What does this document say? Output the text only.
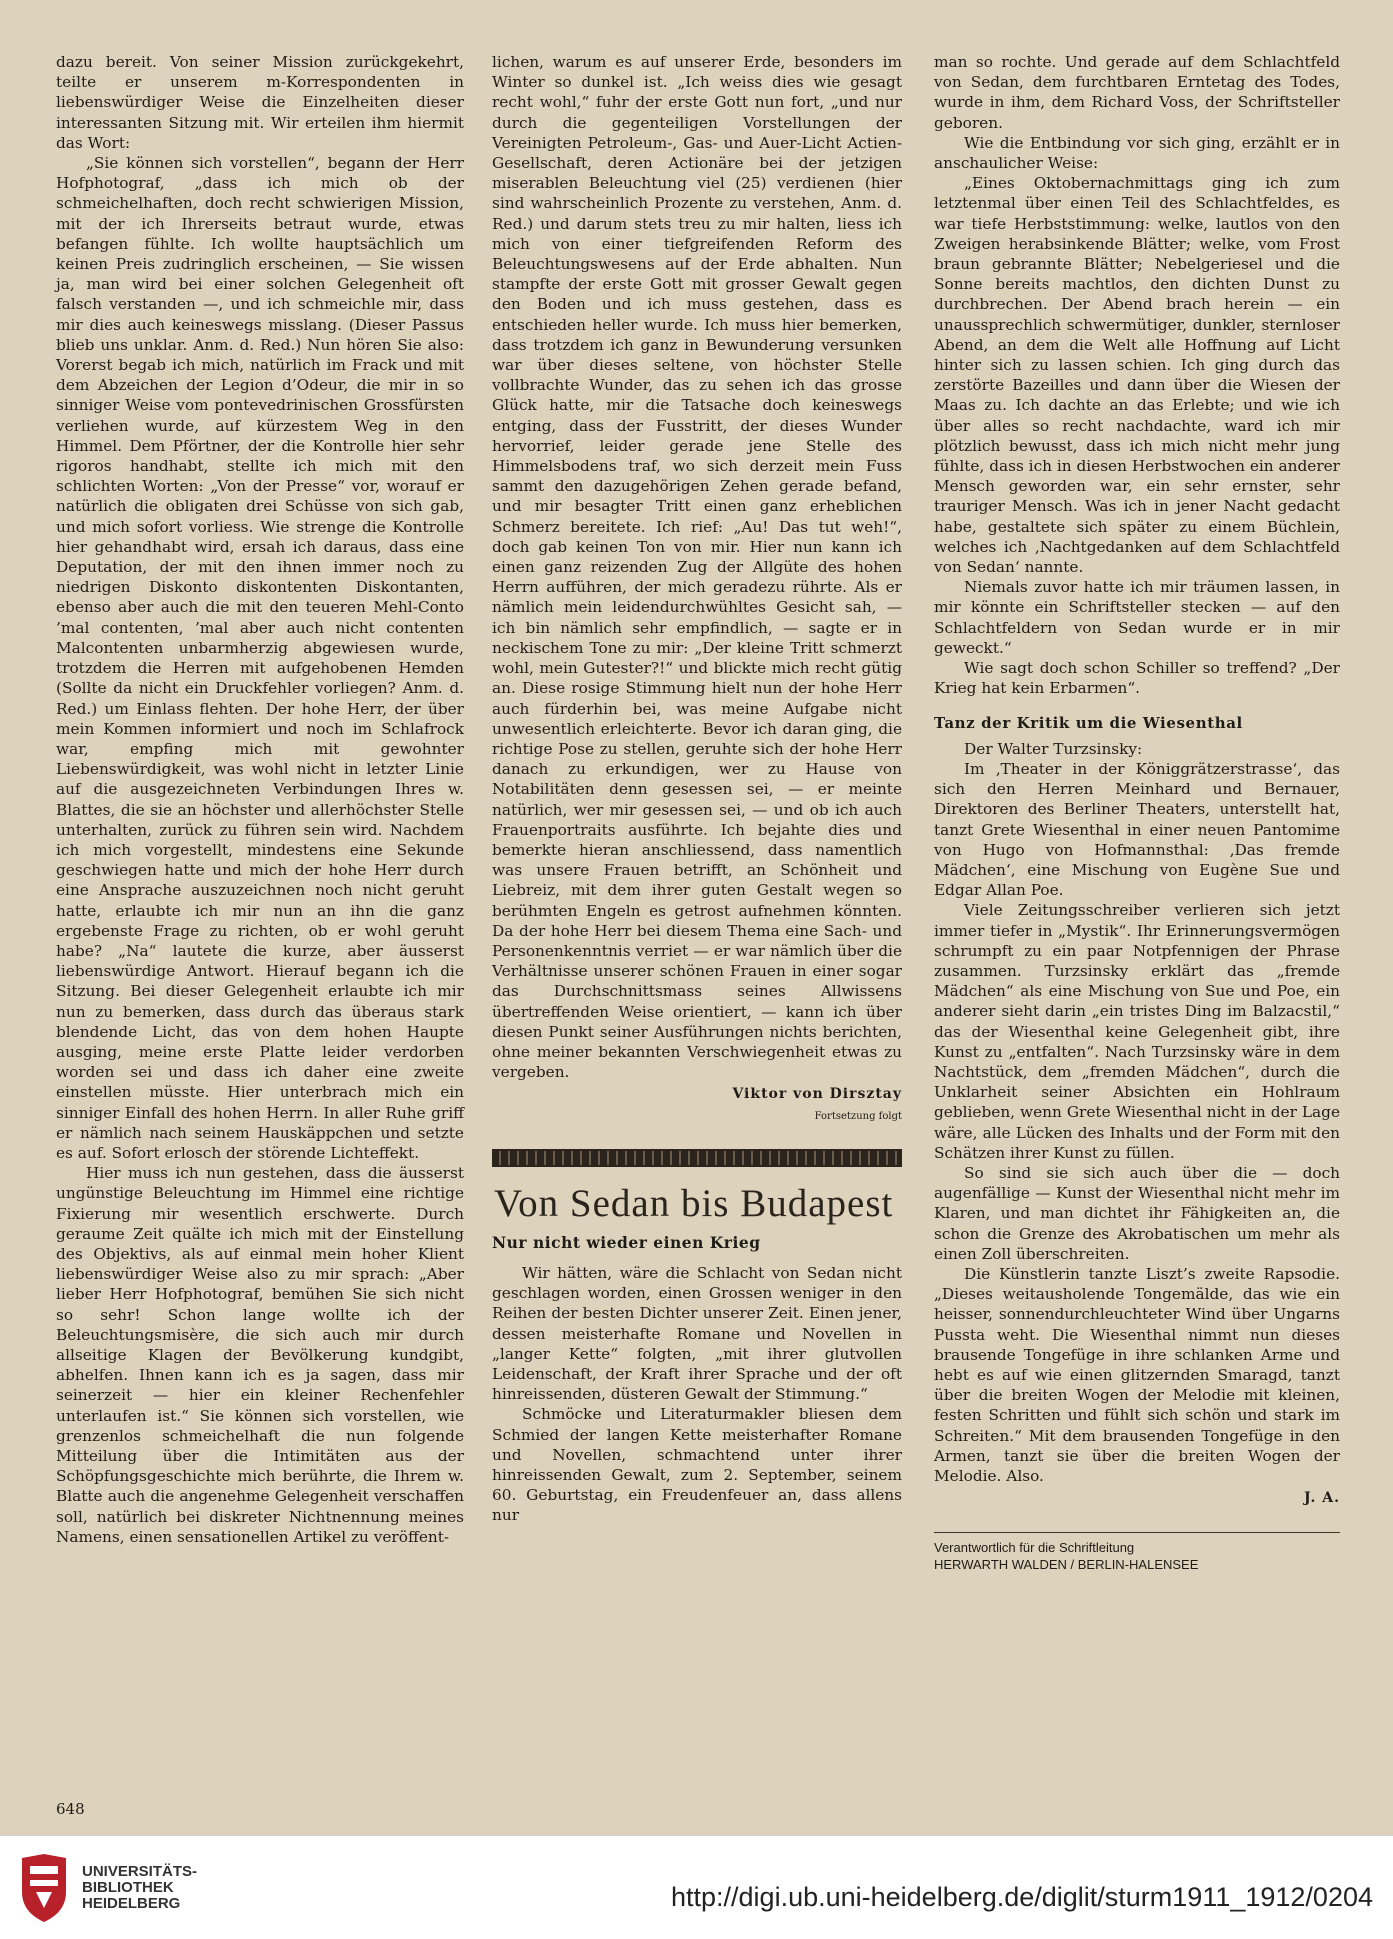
dazu bereit. Von seiner Mission zurückgekehrt, teilte er unserem m-Korrespondenten in liebenswürdiger Weise die Einzelheiten dieser interessanten Sitzung mit. Wir erteilen ihm hiermit das Wort:

„Sie können sich vorstellen“, begann der Herr Hofphotograf, „dass ich mich ob der schmeichelhaften, doch recht schwierigen Mission, mit der ich Ihrerseits betraut wurde, etwas befangen fühlte. Ich wollte hauptsächlich um keinen Preis zudringlich erscheinen, — Sie wissen ja, man wird bei einer solchen Gelegenheit oft falsch verstanden —, und ich schmeichle mir, dass mir dies auch keineswegs misslang. (Dieser Passus blieb uns unklar. Anm. d. Red.) Nun hören Sie also: Vorerst begab ich mich, natürlich im Frack und mit dem Abzeichen der Legion d’Odeur, die mir in so sinniger Weise vom pontevedrinischen Grossfürsten verliehen wurde, auf kürzestem Weg in den Himmel. Dem Pförtner, der die Kontrolle hier sehr rigoros handhabt, stellte ich mich mit den schlichten Worten: „Von der Presse“ vor, worauf er natürlich die obligaten drei Schüsse von sich gab, und mich sofort vorliess. Wie strenge die Kontrolle hier gehandhabt wird, ersah ich daraus, dass eine Deputation, der mit den ihnen immer noch zu niedrigen Diskonto diskontenten Diskontanten, ebenso aber auch die mit den teueren Mehl-Conto ’mal contenten, ’mal aber auch nicht contenten Malcontenten unbarmherzig abgewiesen wurde, trotzdem die Herren mit aufgehobenen Hemden (Sollte da nicht ein Druckfehler vorliegen? Anm. d. Red.) um Einlass flehten. Der hohe Herr, der über mein Kommen informiert und noch im Schlafrock war, empfing mich mit gewohnter Liebenswürdigkeit, was wohl nicht in letzter Linie auf die ausgezeichneten Verbindungen Ihres w. Blattes, die sie an höchster und allerhöchster Stelle unterhalten, zurück zu führen sein wird. Nachdem ich mich vorgestellt, mindestens eine Sekunde geschwiegen hatte und mich der hohe Herr durch eine Ansprache auszuzeichnen noch nicht geruht hatte, erlaubte ich mir nun an ihn die ganz ergebenste Frage zu richten, ob er wohl geruht habe? „Na“ lautete die kurze, aber äusserst liebenswürdige Antwort. Hierauf begann ich die Sitzung. Bei dieser Gelegenheit erlaubte ich mir nun zu bemerken, dass durch das überaus stark blendende Licht, das von dem hohen Haupte ausging, meine erste Platte leider verdorben worden sei und dass ich daher eine zweite einstellen müsste. Hier unterbrach mich ein sinniger Einfall des hohen Herrn. In aller Ruhe griff er nämlich nach seinem Hauskäppchen und setzte es auf. Sofort erlosch der störende Lichteffekt.

Hier muss ich nun gestehen, dass die äusserst ungünstige Beleuchtung im Himmel eine richtige Fixierung mir wesentlich erschwerte. Durch geraume Zeit quälte ich mich mit der Einstellung des Objektivs, als auf einmal mein hoher Klient liebenswürdiger Weise also zu mir sprach: „Aber lieber Herr Hofphotograf, bemühen Sie sich nicht so sehr! Schon lange wollte ich der Beleuchtungsmisère, die sich auch mir durch allseitige Klagen der Bevölkerung kundgibt, abhelfen. Ihnen kann ich es ja sagen, dass mir seinerzeit — hier ein kleiner Rechenfehler unterlaufen ist.“ Sie können sich vorstellen, wie grenzenlos schmeichelhaft die nun folgende Mitteilung über die Intimitäten aus der Schöpfungsgeschichte mich berührte, die Ihrem w. Blatte auch die angenehme Gelegenheit verschaffen soll, natürlich bei diskreter Nichtnennung meines Namens, einen sensationellen Artikel zu veröffent-

lichen, warum es auf unserer Erde, besonders im Winter so dunkel ist. „Ich weiss dies wie gesagt recht wohl,“ fuhr der erste Gott nun fort, „und nur durch die gegenteiligen Vorstellungen der Vereinigten Petroleum-, Gas- und Auer-Licht Actien-Gesellschaft, deren Actionäre bei der jetzigen miserablen Beleuchtung viel (25) verdienen (hier sind wahrscheinlich Prozente zu verstehen, Anm. d. Red.) und darum stets treu zu mir halten, liess ich mich von einer tiefgreifenden Reform des Beleuchtungswesens auf der Erde abhalten. Nun stampfte der erste Gott mit grosser Gewalt gegen den Boden und ich muss gestehen, dass es entschieden heller wurde. Ich muss hier bemerken, dass trotzdem ich ganz in Bewunderung versunken war über dieses seltene, von höchster Stelle vollbrachte Wunder, das zu sehen ich das grosse Glück hatte, mir die Tatsache doch keineswegs entging, dass der Fusstritt, der dieses Wunder hervorrief, leider gerade jene Stelle des Himmelsbodens traf, wo sich derzeit mein Fuss sammt den dazugehörigen Zehen gerade befand, und mir besagter Tritt einen ganz erheblichen Schmerz bereitete. Ich rief: „Au! Das tut weh!“, doch gab keinen Ton von mir. Hier nun kann ich einen ganz reizenden Zug der Allgüte des hohen Herrn aufführen, der mich geradezu rührte. Als er nämlich mein leidendurchwühltes Gesicht sah, — ich bin nämlich sehr empfindlich, — sagte er in neckischem Tone zu mir: „Der kleine Tritt schmerzt wohl, mein Gutester?!“ und blickte mich recht gütig an. Diese rosige Stimmung hielt nun der hohe Herr auch fürderhin bei, was meine Aufgabe nicht unwesentlich erleichterte. Bevor ich daran ging, die richtige Pose zu stellen, geruhte sich der hohe Herr danach zu erkundigen, wer zu Hause von Notabilitäten denn gesessen sei, — er meinte natürlich, wer mir gesessen sei, — und ob ich auch Frauenportraits ausführte. Ich bejahte dies und bemerkte hieran anschliessend, dass namentlich was unsere Frauen betrifft, an Schönheit und Liebreiz, mit dem ihrer guten Gestalt wegen so berühmten Engeln es getrost aufnehmen könnten. Da der hohe Herr bei diesem Thema eine Sach- und Personenkenntnis verriet — er war nämlich über die Verhältnisse unserer schönen Frauen in einer sogar das Durchschnittsmass seines Allwissens übertreffenden Weise orientiert, — kann ich über diesen Punkt seiner Ausführungen nichts berichten, ohne meiner bekannten Verschwiegenheit etwas zu vergeben.

Viktor von Dirsztay
Fortsetzung folgt
Von Sedan bis Budapest
Nur nicht wieder einen Krieg

Wir hätten, wäre die Schlacht von Sedan nicht geschlagen worden, einen Grossen weniger in den Reihen der besten Dichter unserer Zeit. Einen jener, dessen meisterhafte Romane und Novellen in „langer Kette“ folgten, „mit ihrer glutvollen Leidenschaft, der Kraft ihrer Sprache und der oft hinreissenden, düsteren Gewalt der Stimmung.“

Schmöcke und Literaturmakler bliesen dem Schmied der langen Kette meisterhafter Romane und Novellen, schmachtend unter ihrer hinreissenden Gewalt, zum 2. September, seinem 60. Geburtstag, ein Freudenfeuer an, dass allens nur

man so rochte. Und gerade auf dem Schlachtfeld von Sedan, dem furchtbaren Erntetag des Todes, wurde in ihm, dem Richard Voss, der Schriftsteller geboren.

Wie die Entbindung vor sich ging, erzählt er in anschaulicher Weise:

„Eines Oktobernachmittags ging ich zum letztenmal über einen Teil des Schlachtfeldes, es war tiefe Herbststimmung: welke, lautlos von den Zweigen herabsinkende Blätter; welke, vom Frost braun gebrannte Blätter; Nebelgeriesel und die Sonne bereits machtlos, den dichten Dunst zu durchbrechen. Der Abend brach herein — ein unaussprechlich schwermütiger, dunkler, sternloser Abend, an dem die Welt alle Hoffnung auf Licht hinter sich zu lassen schien. Ich ging durch das zerstörte Bazeilles und dann über die Wiesen der Maas zu. Ich dachte an das Erlebte; und wie ich über alles so recht nachdachte, ward ich mir plötzlich bewusst, dass ich mich nicht mehr jung fühlte, dass ich in diesen Herbstwochen ein anderer Mensch geworden war, ein sehr ernster, sehr trauriger Mensch. Was ich in jener Nacht gedacht habe, gestaltete sich später zu einem Büchlein, welches ich ‚Nachtgedanken auf dem Schlachtfeld von Sedan‘ nannte.

Niemals zuvor hatte ich mir träumen lassen, in mir könnte ein Schriftsteller stecken — auf den Schlachtfeldern von Sedan wurde er in mir geweckt.“

Wie sagt doch schon Schiller so treffend? „Der Krieg hat kein Erbarmen“.

Tanz der Kritik um die Wiesenthal

Der Walter Turzsinsky:

Im ‚Theater in der Königgrätzerstrasse‘, das sich den Herren Meinhard und Bernauer, Direktoren des Berliner Theaters, unterstellt hat, tanzt Grete Wiesenthal in einer neuen Pantomime von Hugo von Hofmannsthal: ‚Das fremde Mädchen‘, eine Mischung von Eugène Sue und Edgar Allan Poe.

Viele Zeitungsschreiber verlieren sich jetzt immer tiefer in „Mystik“. Ihr Erinnerungsvermögen schrumpft zu ein paar Notpfennigen der Phrase zusammen. Turzsinsky erklärt das „fremde Mädchen“ als eine Mischung von Sue und Poe, ein anderer sieht darin „ein tristes Ding im Balzacstil,“ das der Wiesenthal keine Gelegenheit gibt, ihre Kunst zu „entfalten“. Nach Turzsinsky wäre in dem Nachtstück, dem „fremden Mädchen“, durch die Unklarheit seiner Absichten ein Hohlraum geblieben, wenn Grete Wiesenthal nicht in der Lage wäre, alle Lücken des Inhalts und der Form mit den Schätzen ihrer Kunst zu füllen.

So sind sie sich auch über die — doch augenfällige — Kunst der Wiesenthal nicht mehr im Klaren, und man dichtet ihr Fähigkeiten an, die schon die Grenze des Akrobatischen um mehr als einen Zoll überschreiten.

Die Künstlerin tanzte Liszt’s zweite Rapsodie. „Dieses weitausholende Tongemälde, das wie ein heisser, sonnendurchleuchteter Wind über Ungarns Pussta weht. Die Wiesenthal nimmt nun dieses brausende Tongefüge in ihre schlanken Arme und hebt es auf wie einen glitzernden Smaragd, tanzt über die breiten Wogen der Melodie mit kleinen, festen Schritten und fühlt sich schön und stark im Schreiten.“ Mit dem brausenden Tongefüge in den Armen, tanzt sie über die breiten Wogen der Melodie. Also.

J. A.
Verantwortlich für die Schriftleitung
HERWARTH WALDEN / BERLIN-HALENSEE
648
UNIVERSITÄTS-
BIBLIOTHEK
HEIDELBERG	http://digi.ub.uni-heidelberg.de/diglit/sturm1911_1912/0204
